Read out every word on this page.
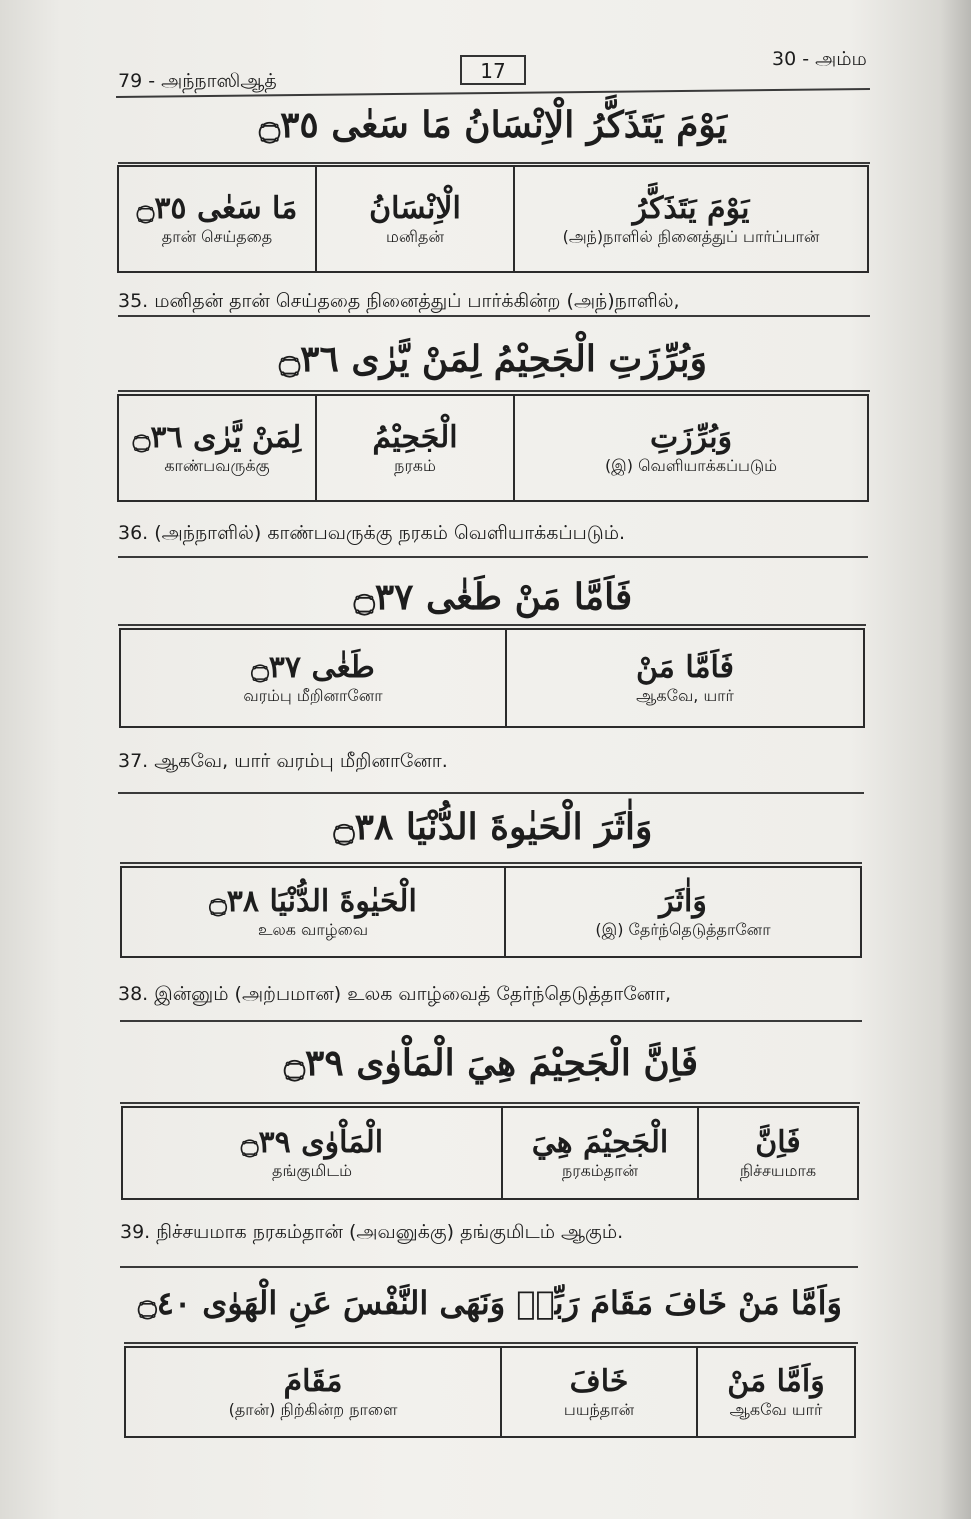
79 - அந்நாஸிஆத்	17	30 - அம்ம
يَوْمَ يَتَذَكَّرُ الْاِنْسَانُ مَا سَعٰى ۝٣٥
مَا سَعٰى ۝٣٥
தான் செய்ததை

الْاِنْسَانُ
மனிதன்

يَوْمَ يَتَذَكَّرُ
(அந்)நாளில் நினைத்துப் பார்ப்பான்
35. மனிதன் தான் செய்ததை நினைத்துப் பார்க்கின்ற (அந்)நாளில்,
وَبُرِّزَتِ الْجَحِيْمُ لِمَنْ يَّرٰى ۝٣٦
لِمَنْ يَّرٰى ۝٣٦
காண்பவருக்கு

الْجَحِيْمُ
நரகம்

وَبُرِّزَتِ
(இ) வெளியாக்கப்படும்
36. (அந்நாளில்) காண்பவருக்கு நரகம் வெளியாக்கப்படும்.
فَاَمَّا مَنْ طَغٰى ۝٣٧
طَغٰى ۝٣٧
வரம்பு மீறினானோ

فَاَمَّا مَنْ
ஆகவே, யார்
37. ஆகவே, யார் வரம்பு மீறினானோ.
وَاٰثَرَ الْحَيٰوةَ الدُّنْيَا ۝٣٨
الْحَيٰوةَ الدُّنْيَا ۝٣٨
உலக வாழ்வை

وَاٰثَرَ
(இ) தேர்ந்தெடுத்தானோ
38. இன்னும் (அற்பமான) உலக வாழ்வைத் தேர்ந்தெடுத்தானோ,
فَاِنَّ الْجَحِيْمَ هِيَ الْمَاْوٰى ۝٣٩
الْمَاْوٰى ۝٣٩
தங்குமிடம்

الْجَحِيْمَ هِيَ
நரகம்தான்

فَاِنَّ
நிச்சயமாக
39. நிச்சயமாக நரகம்தான் (அவனுக்கு) தங்குமிடம் ஆகும்.
وَاَمَّا مَنْ خَافَ مَقَامَ رَبِّهٖ وَنَهَى النَّفْسَ عَنِ الْهَوٰى ۝٤٠
مَقَامَ
(தான்) நிற்கின்ற நாளை

خَافَ
பயந்தான்

وَاَمَّا مَنْ
ஆகவே யார்
